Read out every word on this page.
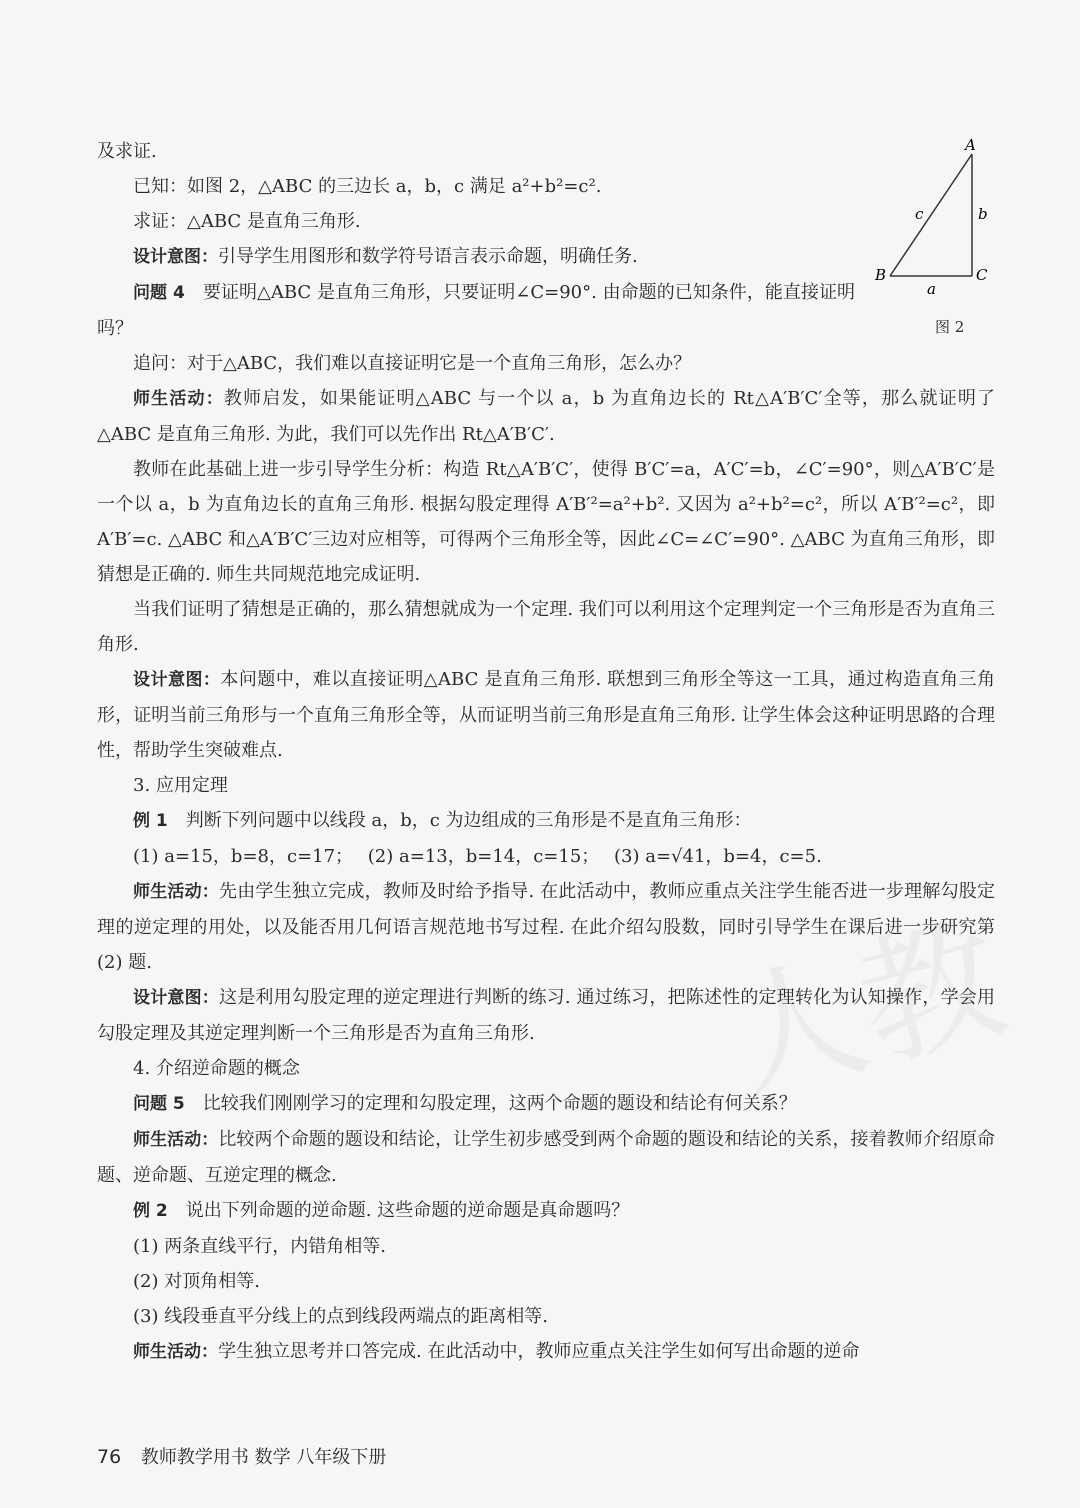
A
B	C
a
b
c
图 2

及求证.

已知：如图 2，△ABC 的三边长 a，b，c 满足 a²+b²=c².

求证：△ABC 是直角三角形.

设计意图：引导学生用图形和数学符号语言表示命题，明确任务.

问题 4　要证明△ABC 是直角三角形，只要证明∠C=90°. 由命题的已知条件，能直接证明吗？

追问：对于△ABC，我们难以直接证明它是一个直角三角形，怎么办？

师生活动：教师启发，如果能证明△ABC 与一个以 a，b 为直角边长的 Rt△A′B′C′全等，那么就证明了△ABC 是直角三角形. 为此，我们可以先作出 Rt△A′B′C′.

教师在此基础上进一步引导学生分析：构造 Rt△A′B′C′，使得 B′C′=a，A′C′=b，∠C′=90°，则△A′B′C′是一个以 a，b 为直角边长的直角三角形. 根据勾股定理得 A′B′²=a²+b². 又因为 a²+b²=c²，所以 A′B′²=c²，即 A′B′=c. △ABC 和△A′B′C′三边对应相等，可得两个三角形全等，因此∠C=∠C′=90°. △ABC 为直角三角形，即猜想是正确的. 师生共同规范地完成证明.

当我们证明了猜想是正确的，那么猜想就成为一个定理. 我们可以利用这个定理判定一个三角形是否为直角三角形.

设计意图：本问题中，难以直接证明△ABC 是直角三角形. 联想到三角形全等这一工具，通过构造直角三角形，证明当前三角形与一个直角三角形全等，从而证明当前三角形是直角三角形. 让学生体会这种证明思路的合理性，帮助学生突破难点.

3. 应用定理

例 1　判断下列问题中以线段 a，b，c 为边组成的三角形是不是直角三角形：

(1) a=15，b=8，c=17；　 (2) a=13，b=14，c=15；　 (3) a=√41，b=4，c=5.

师生活动：先由学生独立完成，教师及时给予指导. 在此活动中，教师应重点关注学生能否进一步理解勾股定理的逆定理的用处，以及能否用几何语言规范地书写过程. 在此介绍勾股数，同时引导学生在课后进一步研究第 (2) 题.

设计意图：这是利用勾股定理的逆定理进行判断的练习. 通过练习，把陈述性的定理转化为认知操作，学会用勾股定理及其逆定理判断一个三角形是否为直角三角形.

4. 介绍逆命题的概念

问题 5　比较我们刚刚学习的定理和勾股定理，这两个命题的题设和结论有何关系？

师生活动：比较两个命题的题设和结论，让学生初步感受到两个命题的题设和结论的关系，接着教师介绍原命题、逆命题、互逆定理的概念.

例 2　说出下列命题的逆命题. 这些命题的逆命题是真命题吗？

(1) 两条直线平行，内错角相等.

(2) 对顶角相等.

(3) 线段垂直平分线上的点到线段两端点的距离相等.

师生活动：学生独立思考并口答完成. 在此活动中，教师应重点关注学生如何写出命题的逆命

76 教师教学用书 数学 八年级下册
